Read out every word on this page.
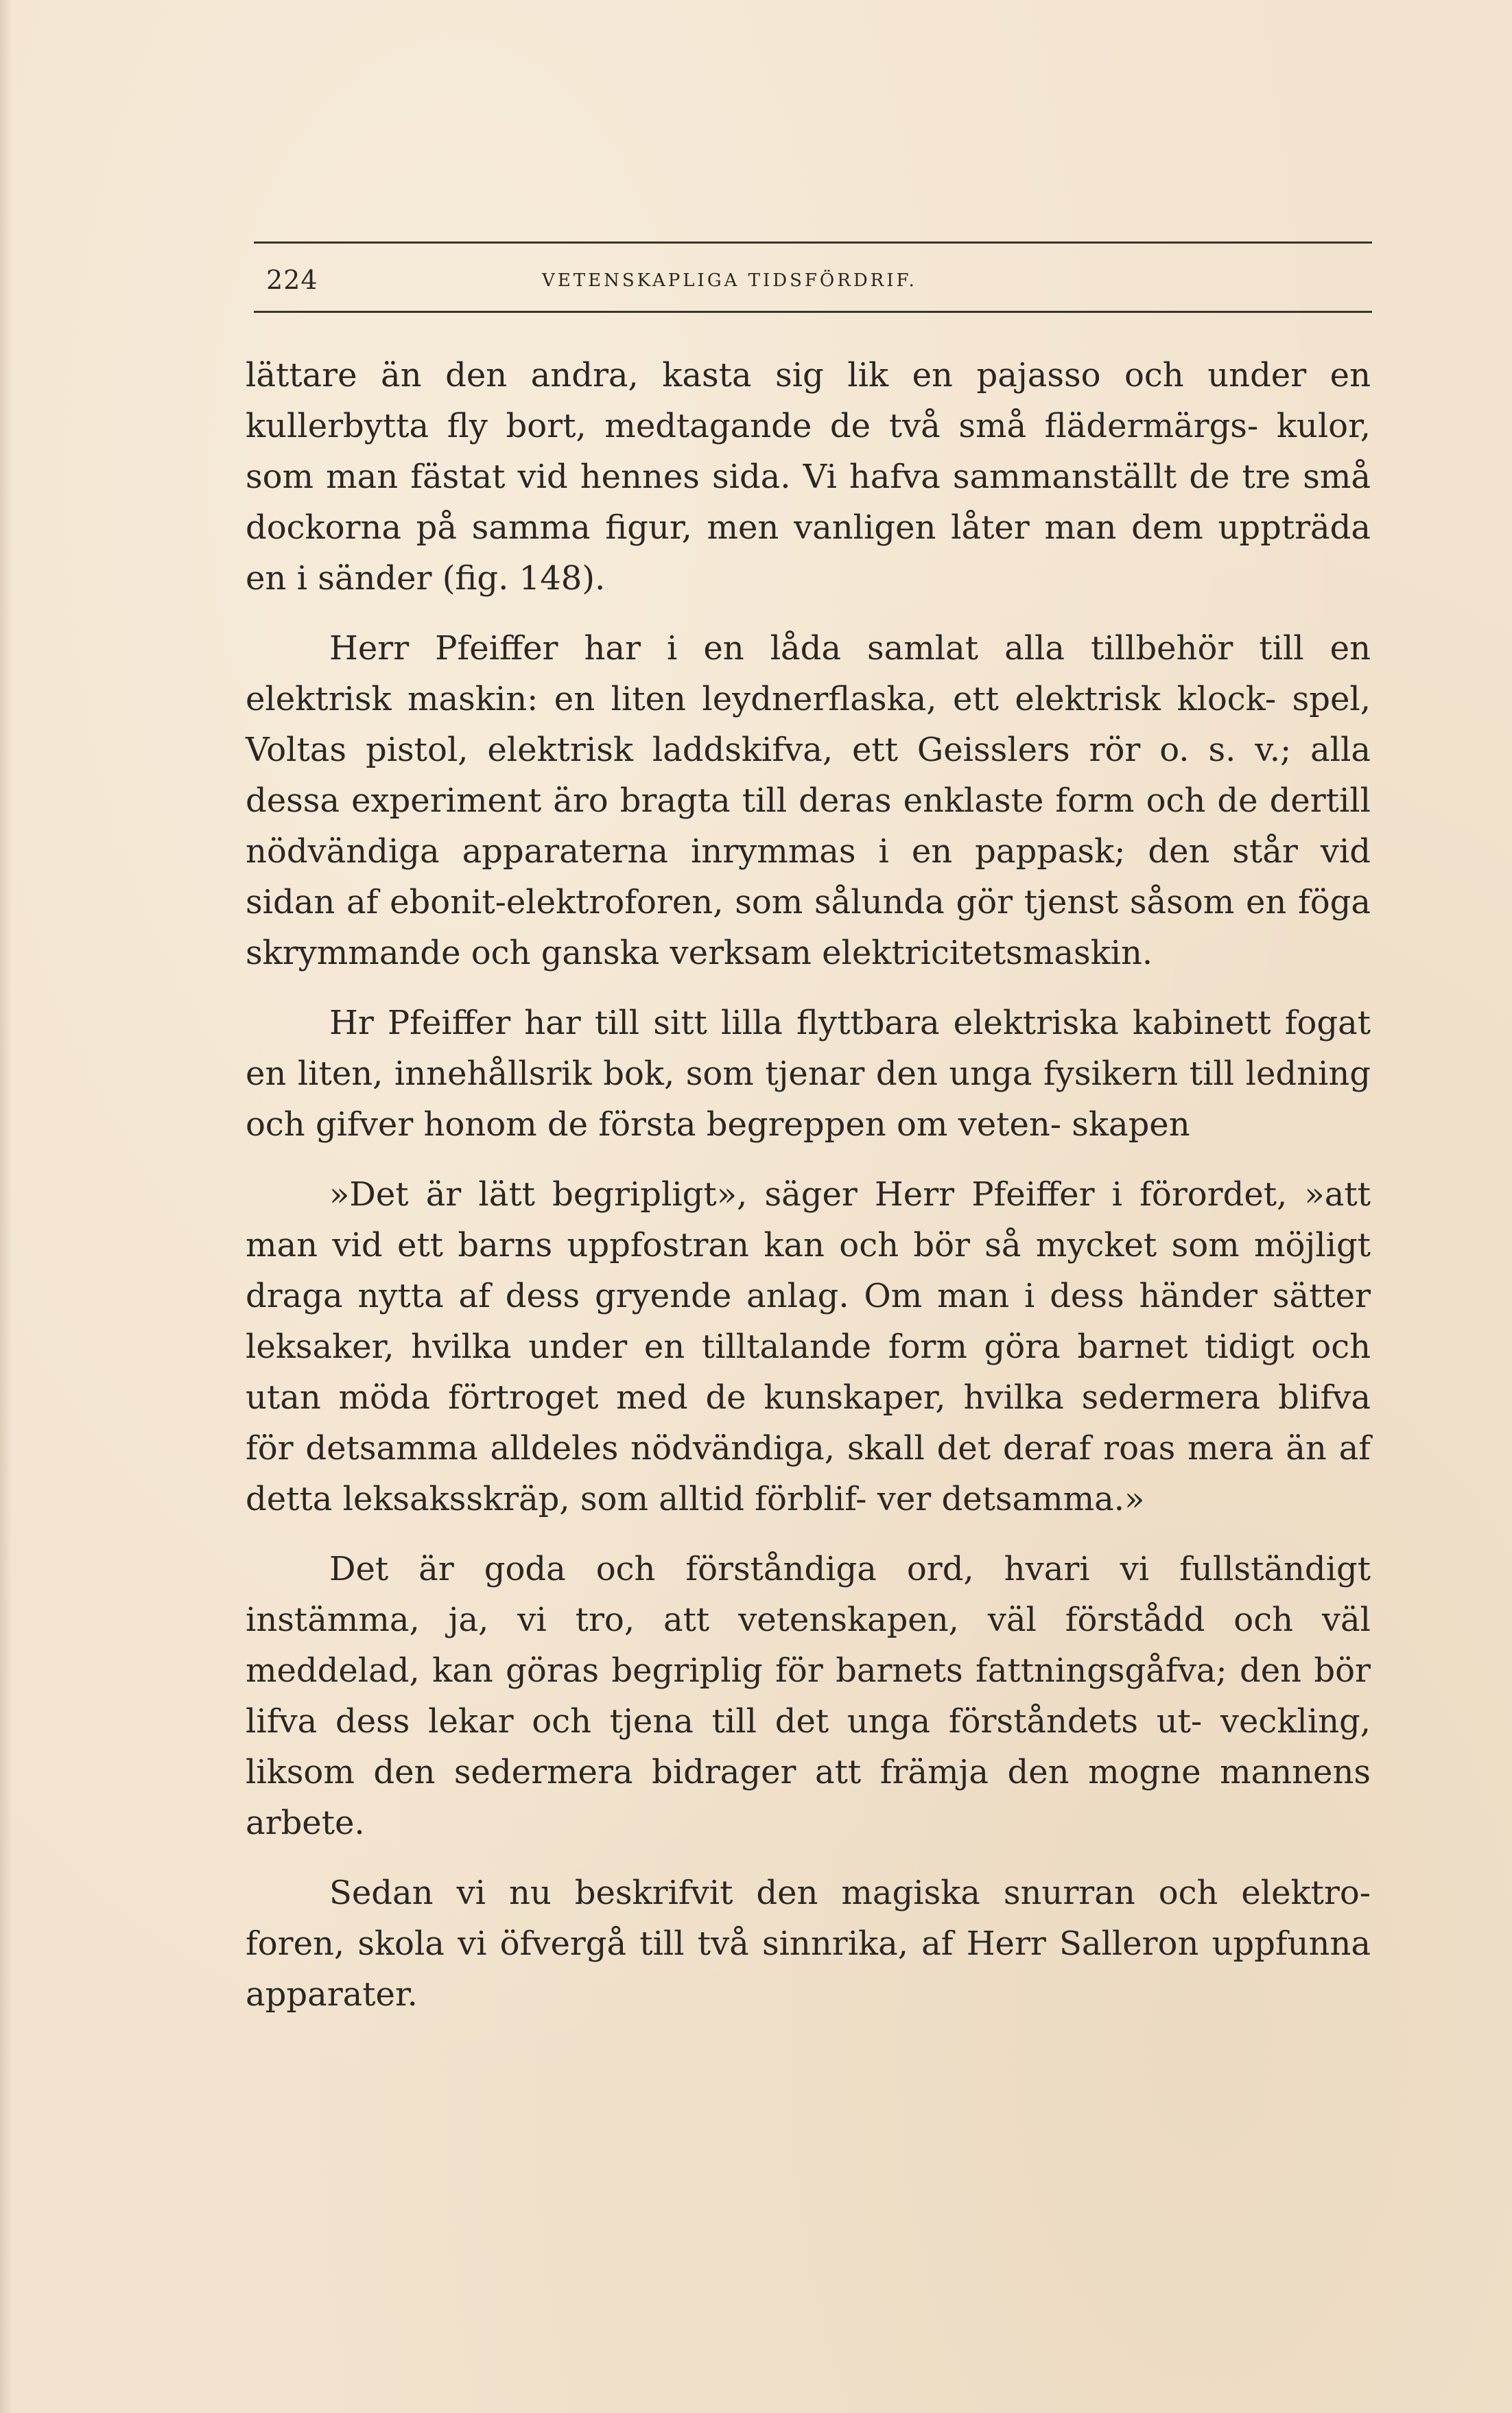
224	VETENSKAPLIGA TIDSFÖRDRIF.

lättare än den andra, kasta sig lik en pajasso och under en kullerbytta fly bort, medtagande de två små flädermärgs- kulor, som man fästat vid hennes sida. Vi hafva sammanställt de tre små dockorna på samma figur, men vanligen låter man dem uppträda en i sänder (fig. 148).

Herr Pfeiffer har i en låda samlat alla tillbehör till en elektrisk maskin: en liten leydnerflaska, ett elektrisk klock- spel, Voltas pistol, elektrisk laddskifva, ett Geisslers rör o. s. v.; alla dessa experiment äro bragta till deras enklaste form och de dertill nödvändiga apparaterna inrymmas i en pappask; den står vid sidan af ebonit-elektroforen, som sålunda gör tjenst såsom en föga skrymmande och ganska verksam elektricitetsmaskin.

Hr Pfeiffer har till sitt lilla flyttbara elektriska kabinett fogat en liten, innehållsrik bok, som tjenar den unga fysikern till ledning och gifver honom de första begreppen om veten- skapen

»Det är lätt begripligt», säger Herr Pfeiffer i förordet, »att man vid ett barns uppfostran kan och bör så mycket som möjligt draga nytta af dess gryende anlag. Om man i dess händer sätter leksaker, hvilka under en tilltalande form göra barnet tidigt och utan möda förtroget med de kunskaper, hvilka sedermera blifva för detsamma alldeles nödvändiga, skall det deraf roas mera än af detta leksaksskräp, som alltid förblif- ver detsamma.»

Det är goda och förståndiga ord, hvari vi fullständigt instämma, ja, vi tro, att vetenskapen, väl förstådd och väl meddelad, kan göras begriplig för barnets fattningsgåfva; den bör lifva dess lekar och tjena till det unga förståndets ut- veckling, liksom den sedermera bidrager att främja den mogne mannens arbete.

Sedan vi nu beskrifvit den magiska snurran och elektro- foren, skola vi öfvergå till två sinnrika, af Herr Salleron uppfunna apparater.
